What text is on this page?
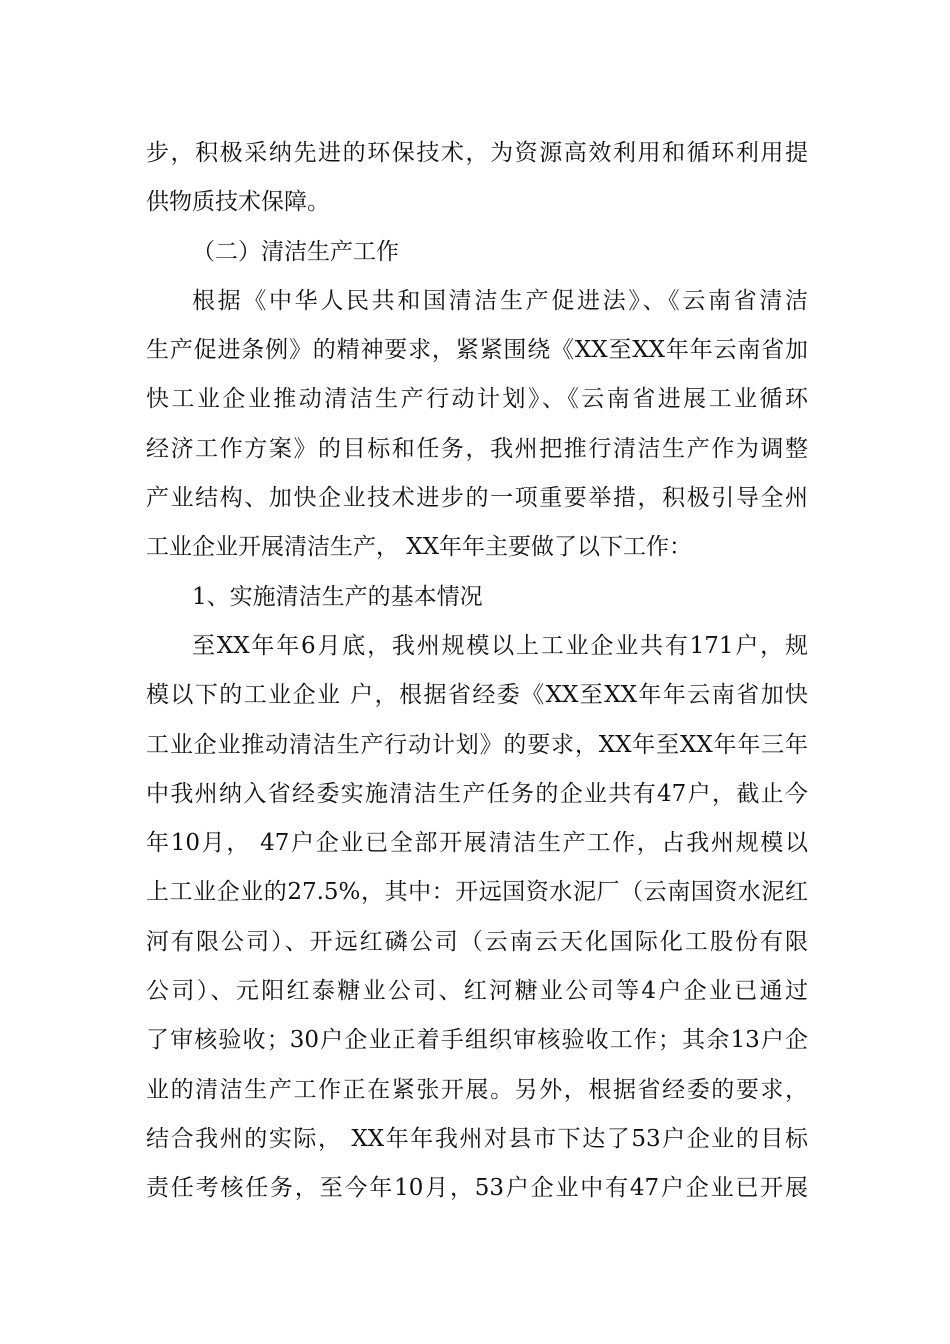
步，积极采纳先进的环保技术，为资源高效利用和循环利用提
供物质技术保障。
（二）清洁生产工作
根据《中华人民共和国清洁生产促进法》、《云南省清洁
生产促进条例》的精神要求，紧紧围绕《XX至XX年年云南省加
快工业企业推动清洁生产行动计划》、《云南省进展工业循环
经济工作方案》的目标和任务，我州把推行清洁生产作为调整
产业结构、加快企业技术进步的一项重要举措，积极引导全州
工业企业开展清洁生产， XX年年主要做了以下工作：
1、实施清洁生产的基本情况
至XX年年6月底，我州规模以上工业企业共有171户，规
模以下的工业企业 户，根据省经委《XX至XX年年云南省加快
工业企业推动清洁生产行动计划》的要求，XX年至XX年年三年
中我州纳入省经委实施清洁生产任务的企业共有47户，截止今
年10月， 47户企业已全部开展清洁生产工作，占我州规模以
上工业企业的27.5%，其中：开远国资水泥厂（云南国资水泥红
河有限公司）、开远红磷公司（云南云天化国际化工股份有限
公司）、元阳红泰糖业公司、红河糖业公司等4户企业已通过
了审核验收；30户企业正着手组织审核验收工作；其余13户企
业的清洁生产工作正在紧张开展。另外，根据省经委的要求，
结合我州的实际， XX年年我州对县市下达了53户企业的目标
责任考核任务，至今年10月，53户企业中有47户企业已开展
